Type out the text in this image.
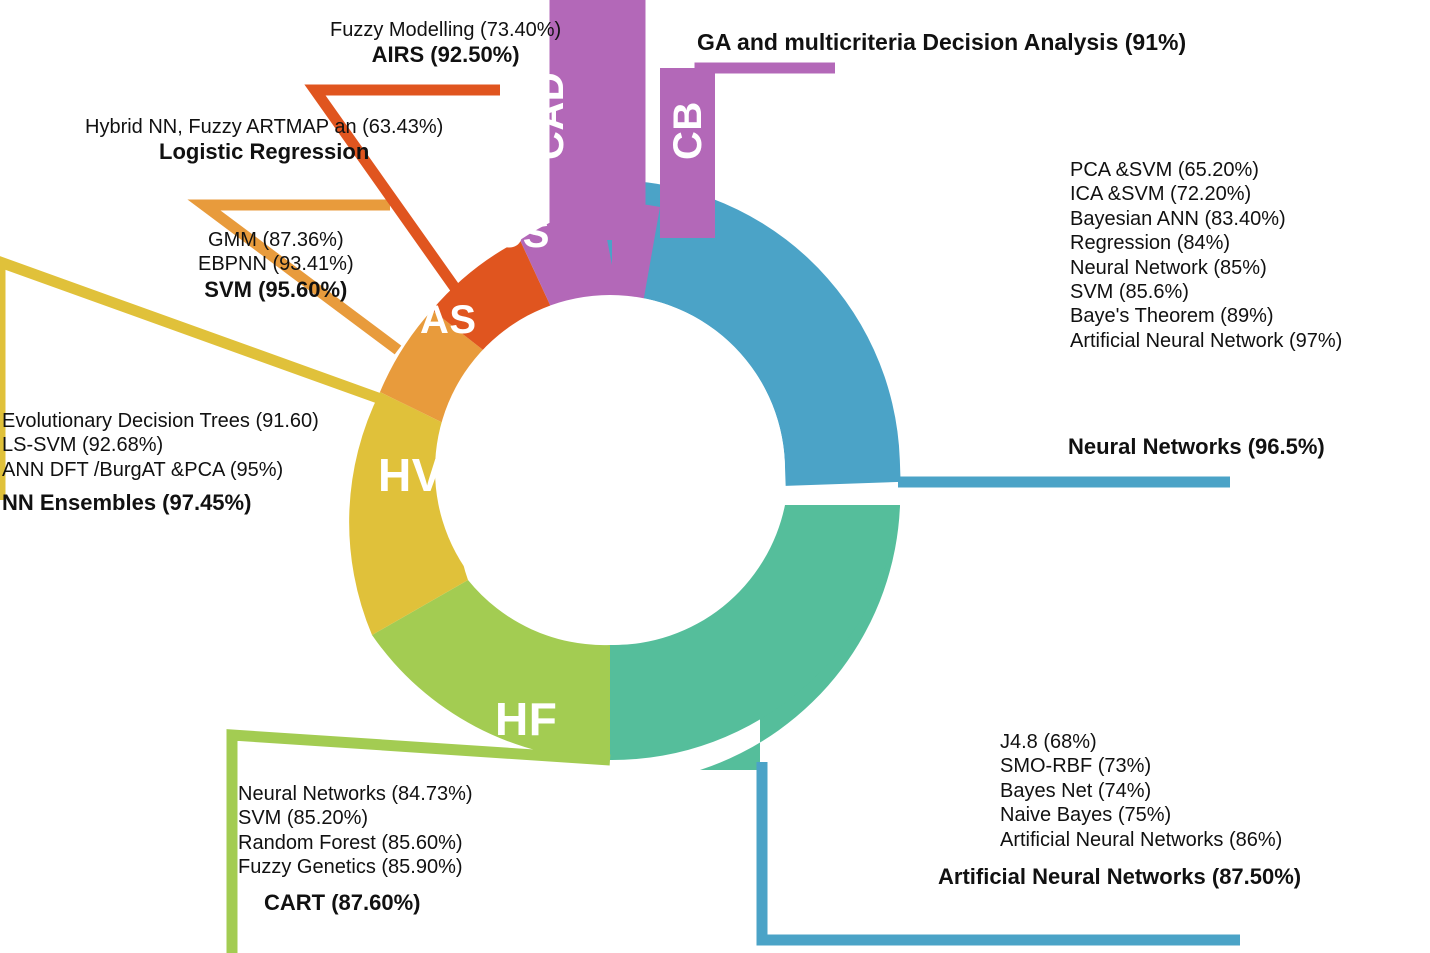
ML
MPS
HF
HV
AS
ACS
CAD CB
Fuzzy Modelling (73.40%)
AIRS (92.50%)	GA and multicriteria Decision Analysis (91%)
Hybrid NN, Fuzzy ARTMAP an (63.43%)
Logistic Regression
GMM (87.36%)
EBPNN (93.41%)
SVM (95.60%)
Evolutionary Decision Trees (91.60)
LS-SVM (92.68%)
ANN DFT /BurgAT &PCA (95%)
NN Ensembles (97.45%)
Neural Networks (84.73%)
SVM (85.20%)
Random Forest (85.60%)
Fuzzy Genetics (85.90%)
CART (87.60%)
J4.8 (68%)
SMO-RBF (73%)
Bayes Net (74%)
Naive Bayes (75%)
Artificial Neural Networks (86%)
Artificial Neural Networks (87.50%)
PCA &SVM (65.20%)
ICA &SVM (72.20%)
Bayesian ANN (83.40%)
Regression (84%)
Neural Network (85%)
SVM (85.6%)
Baye's Theorem (89%)
Artificial Neural Network (97%)
Neural Networks (96.5%)
